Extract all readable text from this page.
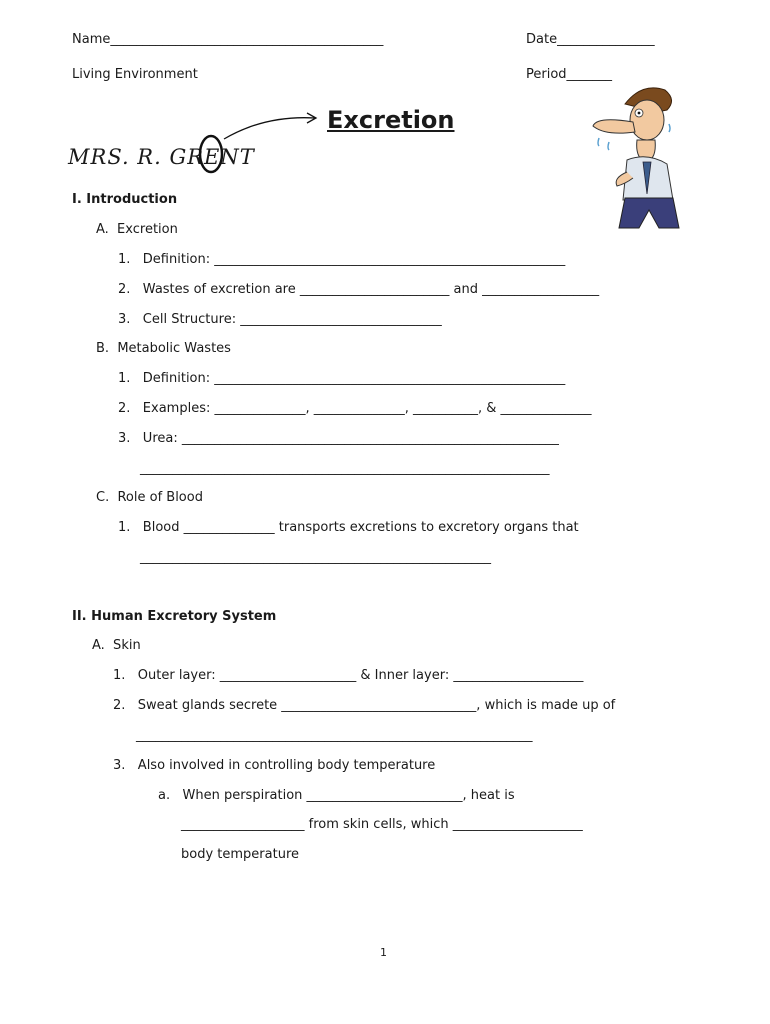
Name__________________________________________	Date_______________
Living Environment	Period_______
Excretion
MRS. R. GRENT
I. Introduction
A.  Excretion
1.   Definition: ______________________________________________________
2.   Wastes of excretion are _______________________ and __________________
3.   Cell Structure: _______________________________
B.  Metabolic Wastes
1.   Definition: ______________________________________________________
2.   Examples: ______________, ______________, __________, & ______________
3.   Urea: __________________________________________________________
_______________________________________________________________
C.  Role of Blood
1.   Blood ______________ transports excretions to excretory organs that
______________________________________________________
II. Human Excretory System
A.  Skin
1.   Outer layer: _____________________ & Inner layer: ____________________
2.   Sweat glands secrete ______________________________, which is made up of
_____________________________________________________________
3.   Also involved in controlling body temperature
a.   When perspiration ________________________, heat is
___________________ from skin cells, which ____________________
body temperature
1
